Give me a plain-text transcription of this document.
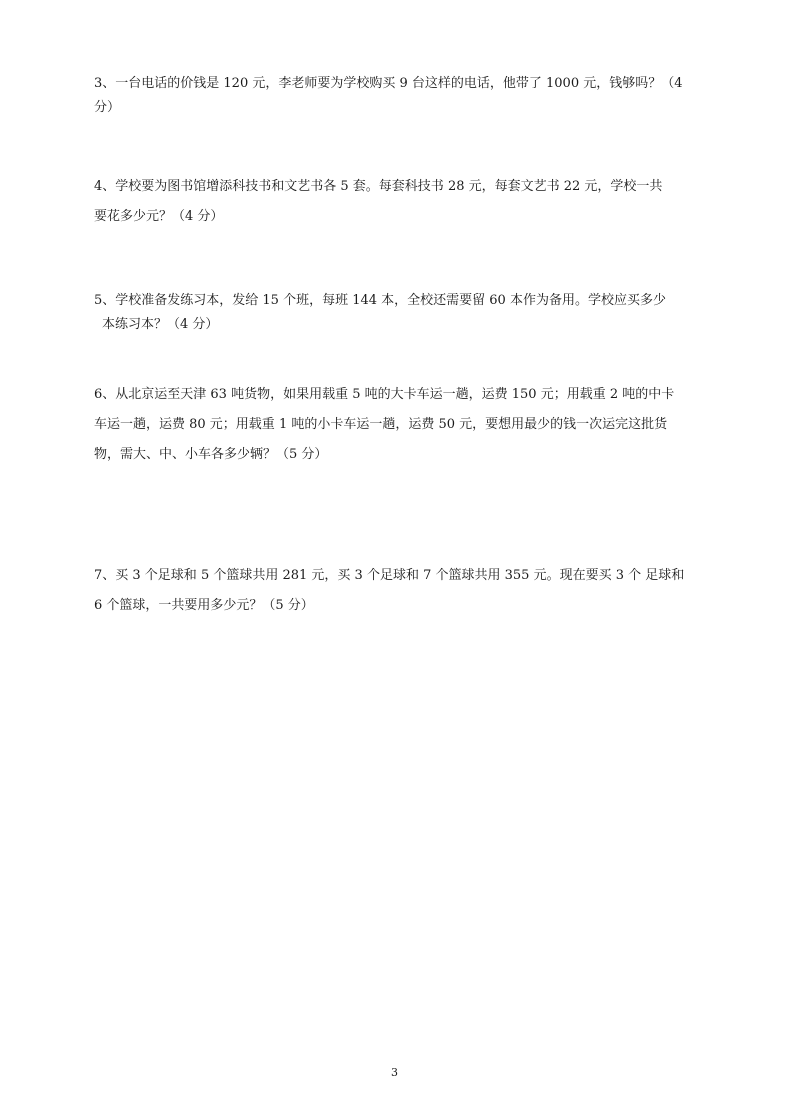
3、一台电话的价钱是 120 元，李老师要为学校购买 9 台这样的电话，他带了 1000 元，钱够吗？（4
分）
4、学校要为图书馆增添科技书和文艺书各 5 套。每套科技书 28 元，每套文艺书 22 元，学校一共
要花多少元？（4 分）
5、学校准备发练习本，发给 15 个班，每班 144 本，全校还需要留 60 本作为备用。学校应买多少
本练习本？（4 分）
6、从北京运至天津 63 吨货物，如果用载重 5 吨的大卡车运一趟，运费 150 元；用载重 2 吨的中卡
车运一趟，运费 80 元；用载重 1 吨的小卡车运一趟，运费 50 元，要想用最少的钱一次运完这批货
物，需大、中、小车各多少辆？（5 分）
7、买 3 个足球和 5 个篮球共用 281 元，买 3 个足球和 7 个篮球共用 355 元。现在要买 3 个 足球和
6 个篮球，一共要用多少元？（5 分）
3
